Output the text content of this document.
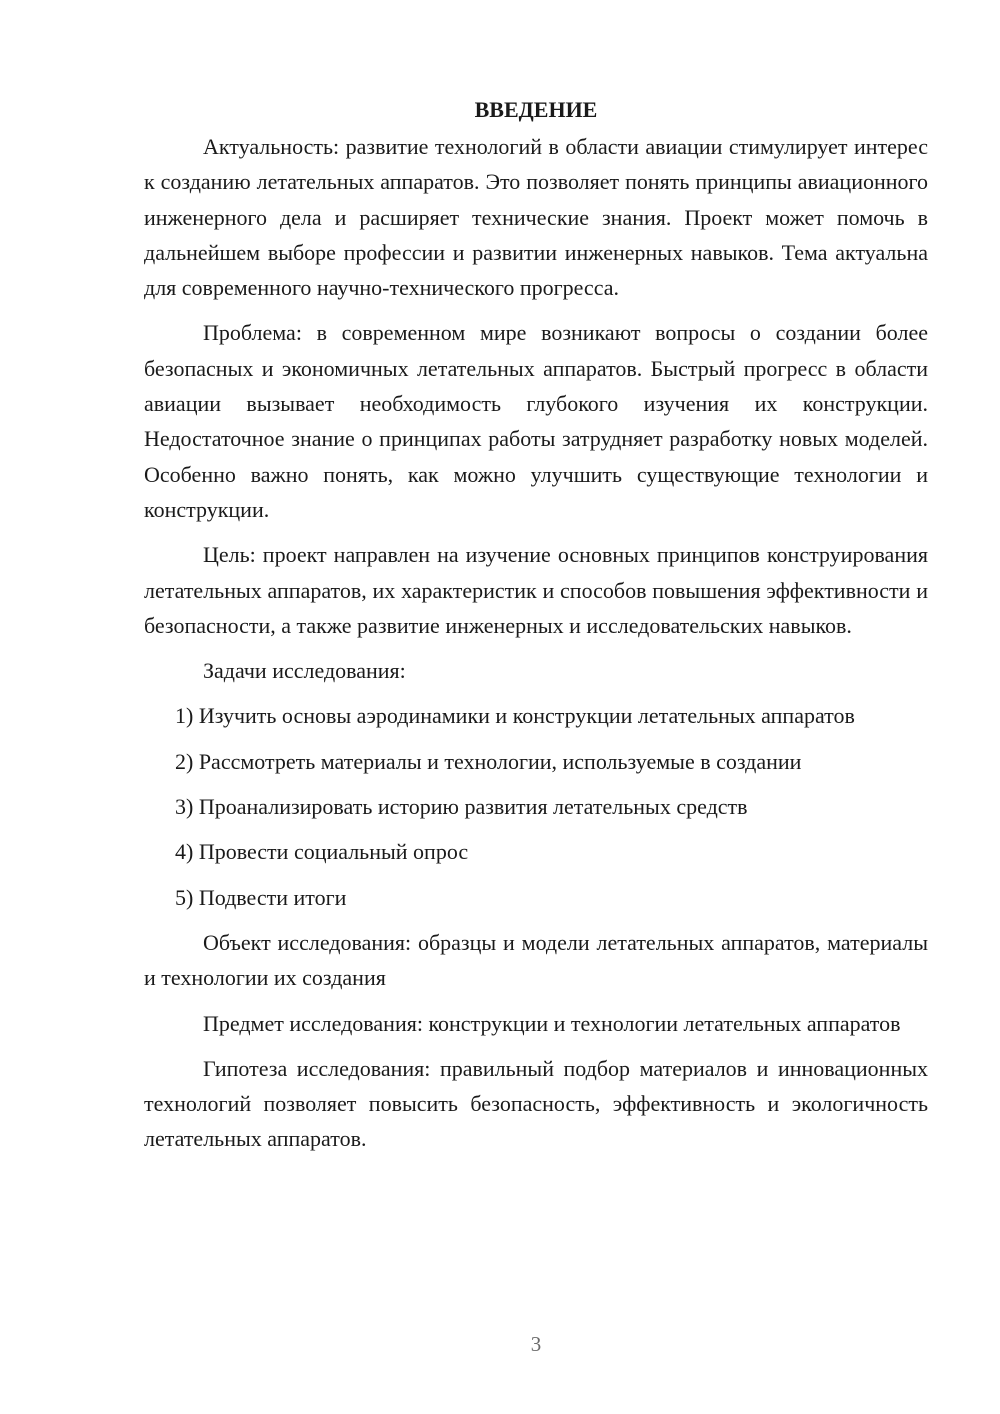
ВВЕДЕНИЕ

Актуальность: развитие технологий в области авиации стимулирует интерес к созданию летательных аппаратов. Это позволяет понять принципы авиационного инженерного дела и расширяет технические знания. Проект может помочь в дальнейшем выборе профессии и развитии инженерных навыков. Тема актуальна для современного научно-технического прогресса.

Проблема: в современном мире возникают вопросы о создании более безопасных и экономичных летательных аппаратов. Быстрый прогресс в области авиации вызывает необходимость глубокого изучения их конструкции. Недостаточное знание о принципах работы затрудняет разработку новых моделей. Особенно важно понять, как можно улучшить существующие технологии и конструкции.

Цель: проект направлен на изучение основных принципов конструирования летательных аппаратов, их характеристик и способов повышения эффективности и безопасности, а также развитие инженерных и исследовательских навыков.

Задачи исследования:

1) Изучить основы аэродинамики и конструкции летательных аппаратов

2) Рассмотреть материалы и технологии, используемые в создании

3) Проанализировать историю развития летательных средств

4) Провести социальный опрос

5) Подвести итоги

Объект исследования: образцы и модели летательных аппаратов, материалы и технологии их создания

Предмет исследования: конструкции и технологии летательных аппаратов

Гипотеза исследования: правильный подбор материалов и инновационных технологий позволяет повысить безопасность, эффективность и экологичность летательных аппаратов.

3
